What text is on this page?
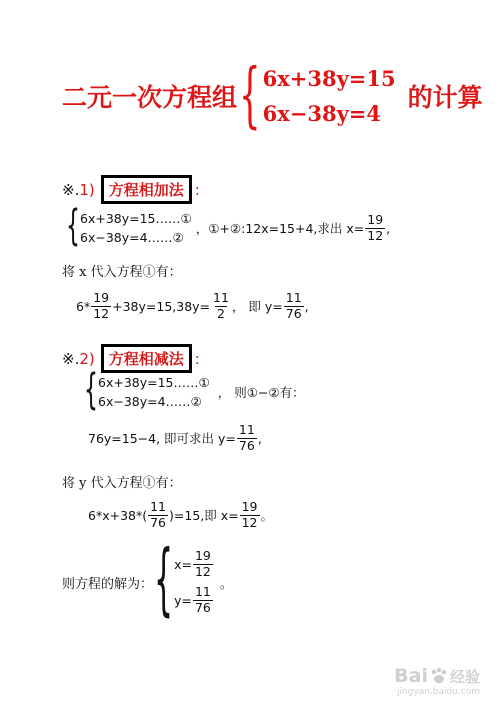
二元一次方程组 { 6x+38y=15
6x−38y=4
的计算
※. 1) 方程相加法 :
{ 6x+38y=15……①
6x−38y=4……②
，①+②:12x=15+4,求出 $x= \frac{19}{12}$ ,
将 x 代入方程①有：
$6* \frac{19}{12} +38y=15,38y= \frac{11}{2}$ ， 即 $y= \frac{11}{76}$ ,
※. 2) 方程相减法 :
{ 6x+38y=15……①
6x−38y=4……②
， 则①−②有：
76y=15−4, 即可求出 $y= \frac{11}{76}$ ,
将 y 代入方程①有：
$6*x+38*( \frac{11}{76} )=15$,即 $x= \frac{19}{12}$ 。
则方程的解为： { $x= \frac{19}{12}$
$y= \frac{11}{76}$
。
Bai 经验
jingyan.baidu.com
